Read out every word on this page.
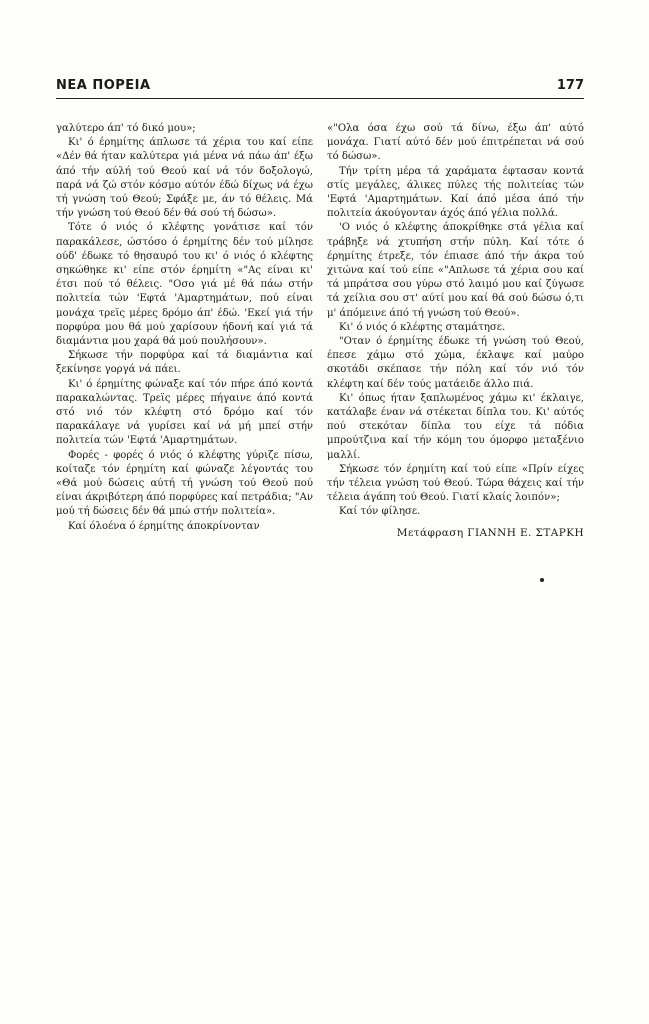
ΝΕΑ ΠΟΡΕΙΑ	177

γαλύτερο άπ' τό δικό μου»;

Κι' ό έρημίτης άπλωσε τά χέρια του καί είπε «Δέν θά ήταν καλύτερα γιά μένα νά πάω άπ' έξω άπό τήν αύλή τού Θεού καί νά τόν δοξολογώ, παρά νά ζώ στόν κόσμο αύτόν έδώ δίχως νά έχω τή γνώση τού Θεού; Σφάξε με, άν τό θέλεις. Μά τήν γνώση τού Θεού δέν θά σού τή δώσω».

Τότε ό νιός ό κλέφτης γονάτισε καί τόν παρακάλεσε, ώστόσο ό έρημίτης δέν τού μίλησε ούδ' έδωκε τό θησαυρό του κι' ό νιός ό κλέφτης σηκώθηκε κι' είπε στόν έρημίτη «"Ας είναι κι' έτσι πού τό θέλεις. "Οσο γιά μέ θά πάω στήν πολιτεία τών 'Εφτά 'Αμαρτημάτων, πού είναι μονάχα τρεϊς μέρες δρόμο άπ' έδώ. 'Εκεί γιά τήν πορφύρα μου θά μού χαρίσουν ήδονή καί γιά τά διαμάντια μου χαρά θά μού πουλήσουν».

Σήκωσε τήν πορφύρα καί τά διαμάντια καί ξεκίνησε γοργά νά πάει.

Κι' ό έρημίτης φώναξε καί τόν πήρε άπό κοντά παρακαλώντας. Τρεϊς μέρες πήγαινε άπό κοντά στό νιό τόν κλέφτη στό δρόμο καί τόν παρακάλαγε νά γυρίσει καί νά μή μπεί στήν πολιτεία τών 'Εφτά 'Αμαρτημάτων.

Φορές - φορές ό νιός ό κλέφτης γύριζε πίσω, κοίταζε τόν έρημίτη καί φώναζε λέγοντάς του «Θά μού δώσεις αύτή τή γνώση τού Θεού πού είναι άκριβότερη άπό πορφύρες καί πετράδια; "Αν μού τή δώσεις δέν θά μπώ στήν πολιτεία».

Καί όλοένα ό έρημίτης άποκρίνονταν

«"Ολα όσα έχω σού τά δίνω, έξω άπ' αύτό μονάχα. Γιατί αύτό δέν μού έπιτρέπεται νά σού τό δώσω».

Τήν τρίτη μέρα τά χαράματα έφτασαν κοντά στίς μεγάλες, άλικες πύλες τής πολιτείας τών 'Εφτά 'Αμαρτημάτων. Καί άπό μέσα άπό τήν πολιτεία άκούγονταν άχός άπό γέλια πολλά.

'Ο νιός ό κλέφτης άποκρίθηκε στά γέλια καί τράβηξε νά χτυπήση στήν πύλη. Καί τότε ό έρημίτης έτρεξε, τόν έπιασε άπό τήν άκρα τού χιτώνα καί τού είπε «"Απλωσε τά χέρια σου καί τά μπράτσα σου γύρω στό λαιμό μου καί ζύγωσε τά χείλια σου στ' αύτί μου καί θά σού δώσω ό,τι μ' άπόμεινε άπό τή γνώση τού Θεού».

Κι' ό νιός ό κλέφτης σταμάτησε.

"Οταν ό έρημίτης έδωκε τή γνώση τού Θεού, έπεσε χάμω στό χώμα, έκλαψε καί μαύρο σκοτάδι σκέπασε τήν πόλη καί τόν νιό τόν κλέφτη καί δέν τούς ματάειδε άλλο πιά.

Κι' όπως ήταν ξαπλωμένος χάμω κι' έκλαιγε, κατάλαβε έναν νά στέκεται δίπλα του. Κι' αύτός πού στεκόταν δίπλα του είχε τά πόδια μπρούτζινα καί τήν κόμη του όμορφο μεταξένιο μαλλί.

Σήκωσε τόν έρημίτη καί τού είπε «Πρίν είχες τήν τέλεια γνώση τού Θεού. Τώρα θάχεις καί τήν τέλεια άγάπη τού Θεού. Γιατί κλαίς λοιπόν»;

Καί τόν φίλησε.

Μετάφραση ΓΙΑΝΝΗ Ε. ΣΤΑΡΚΗ
